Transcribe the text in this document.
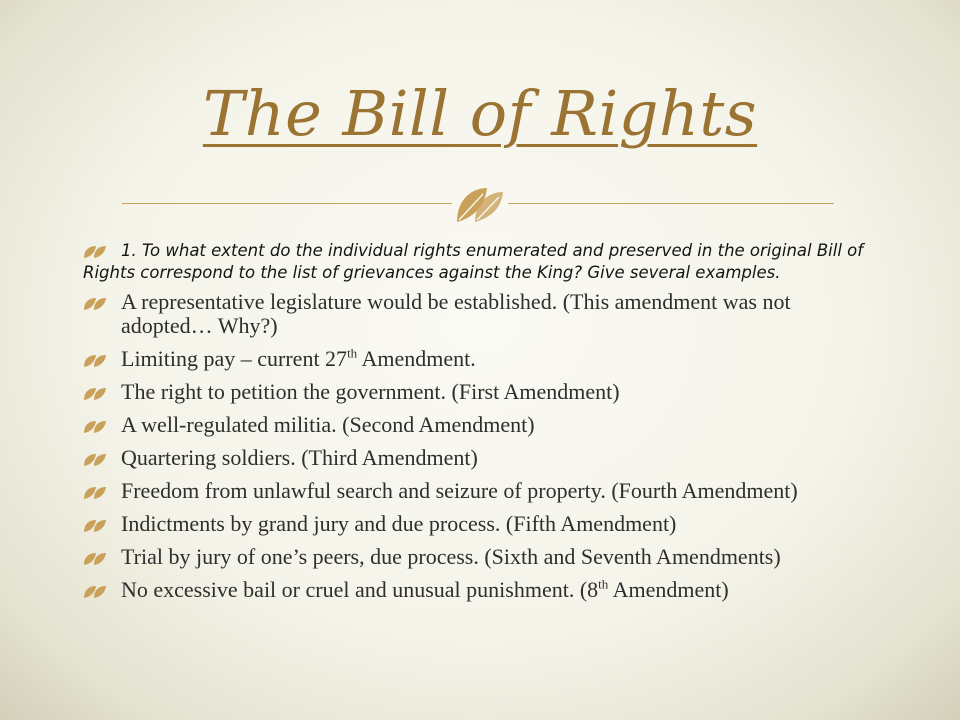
The Bill of Rights
1. To what extent do the individual rights enumerated and preserved in the original Bill of Rights correspond to the list of grievances against the King? Give several examples.
A representative legislature would be established. (This amendment was not adopted… Why?)
Limiting pay – current 27th Amendment.
The right to petition the government. (First Amendment)
A well-regulated militia. (Second Amendment)
Quartering soldiers. (Third Amendment)
Freedom from unlawful search and seizure of property. (Fourth Amendment)
Indictments by grand jury and due process. (Fifth Amendment)
Trial by jury of one’s peers, due process. (Sixth and Seventh Amendments)
No excessive bail or cruel and unusual punishment. (8th Amendment)
